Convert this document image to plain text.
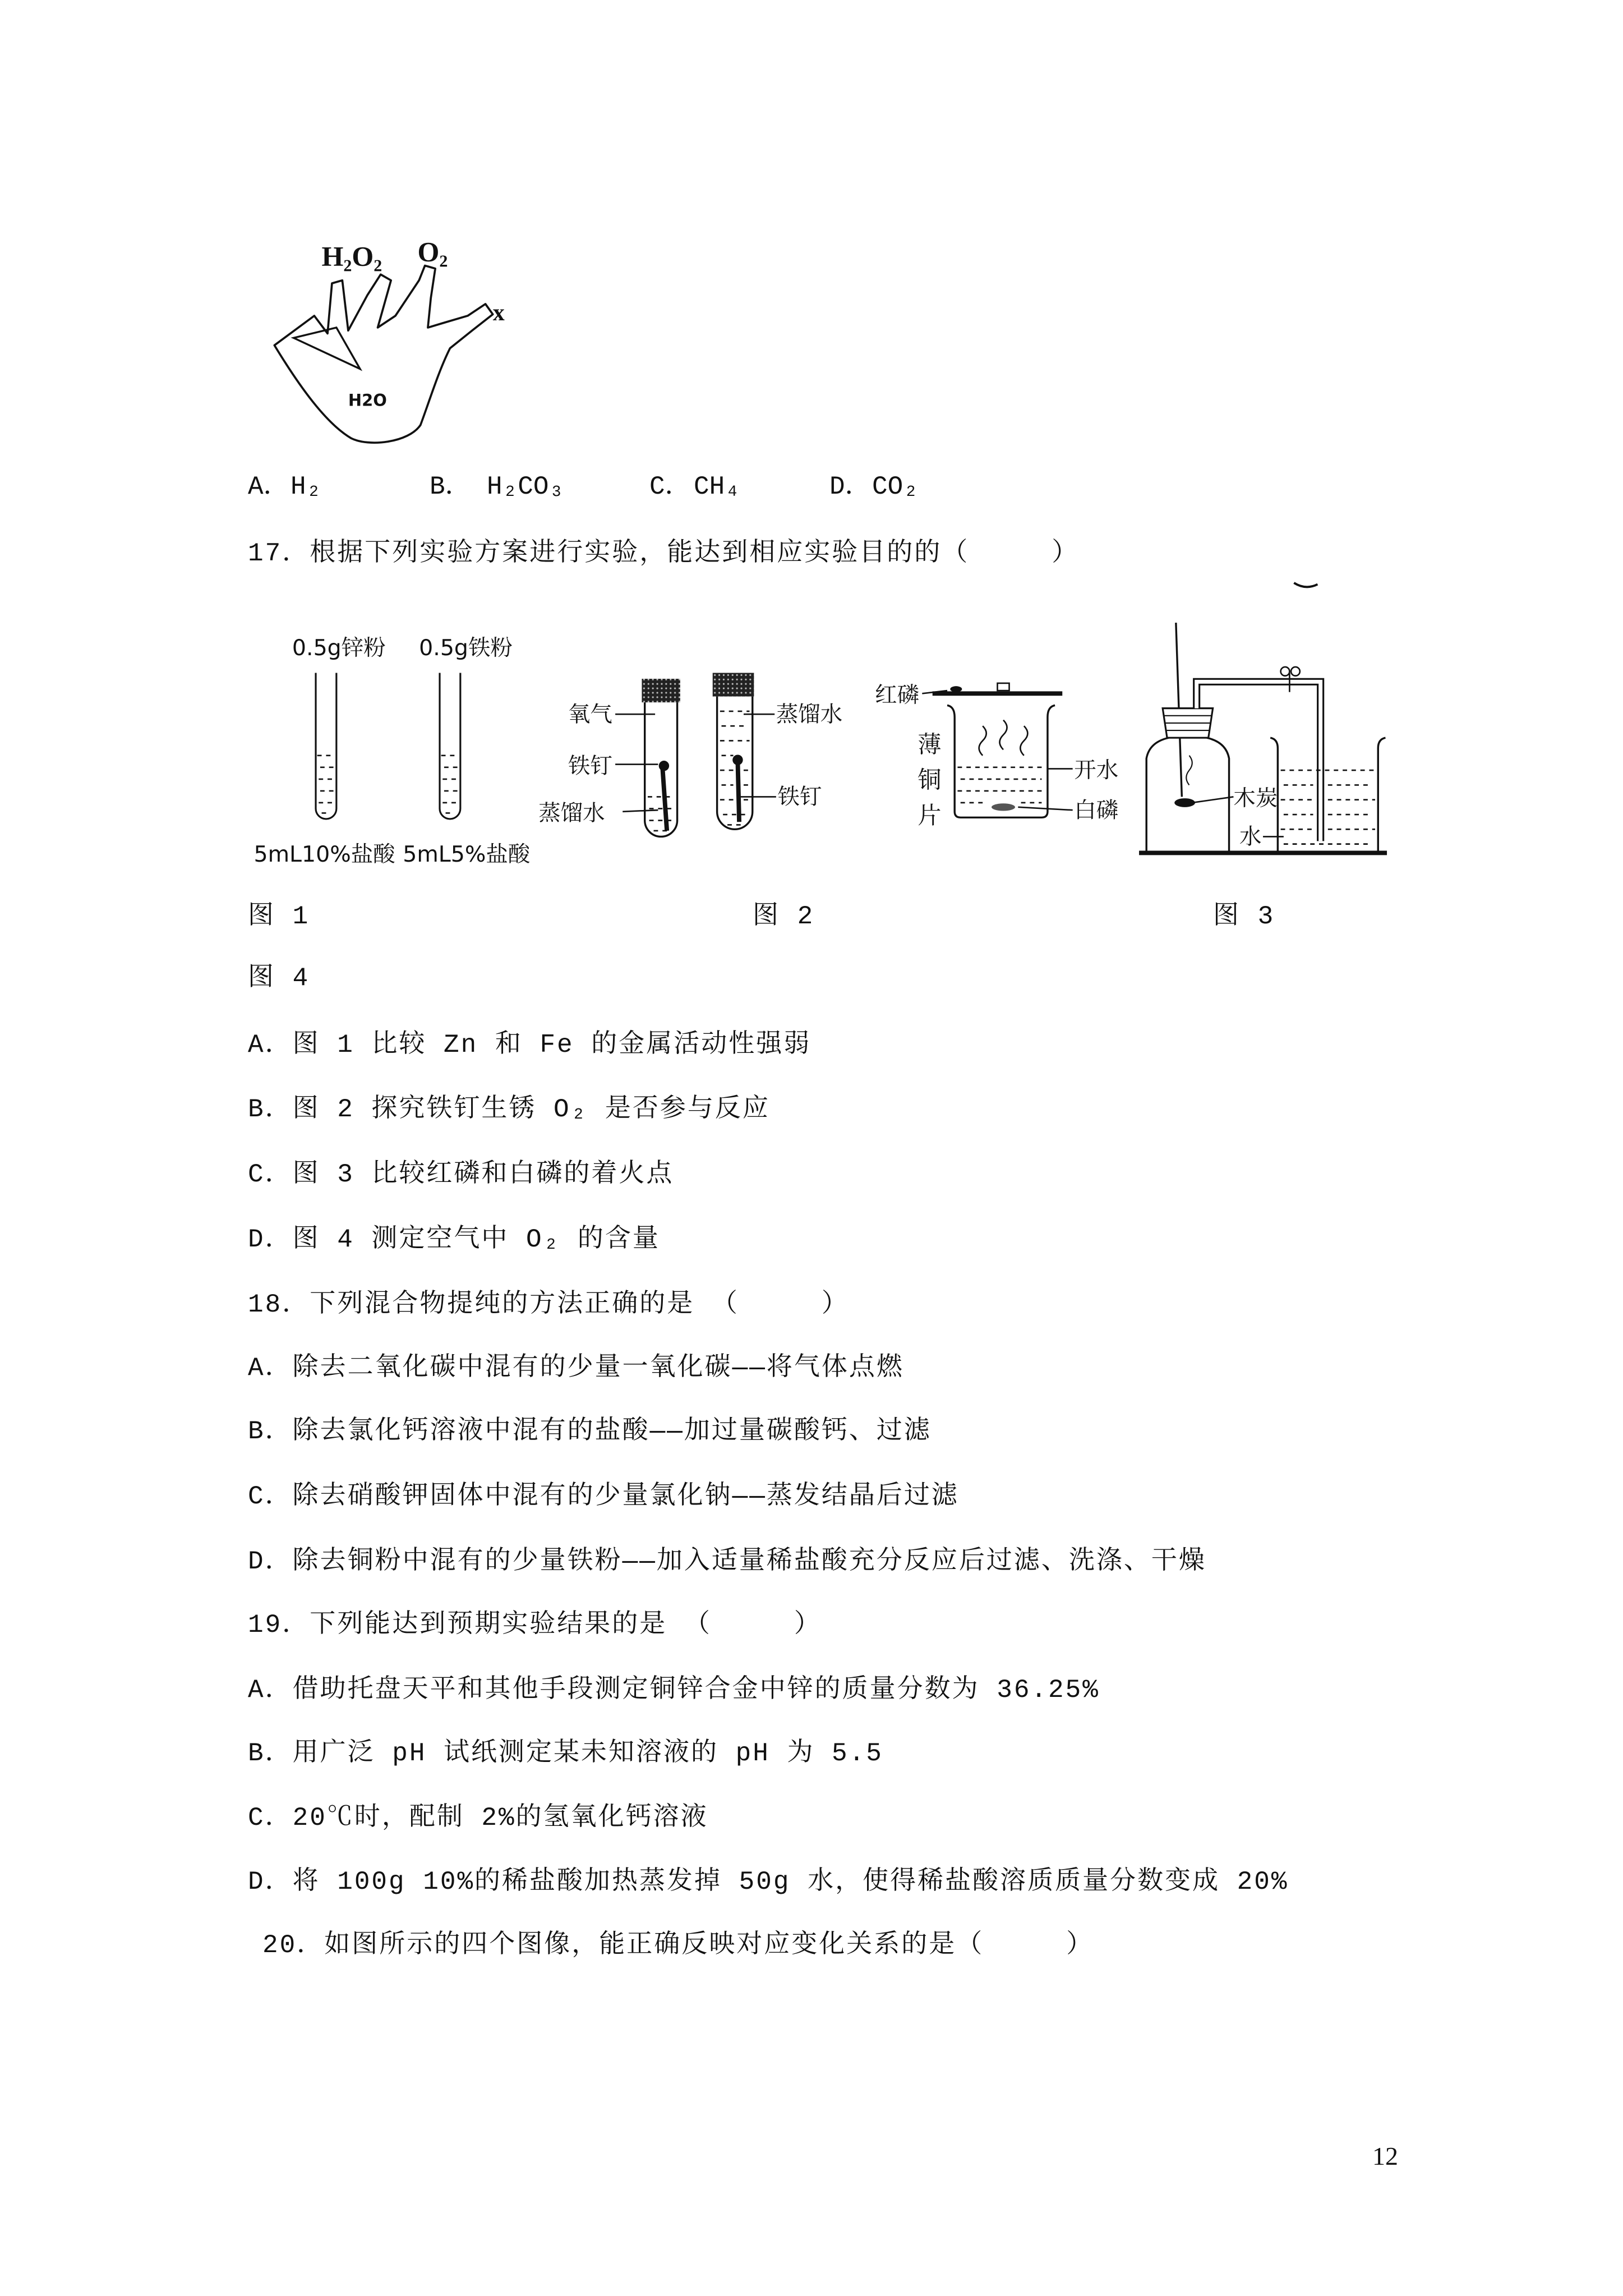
H₂O₂	O₂
x
H2O
0.5g锌粉	0.5g铁粉
5mL10%盐酸 5mL5%盐酸
氧气
铁钉
蒸馏水
蒸馏水
铁钉
红磷
薄
铜
片
开水
白磷	木炭
水
A． H₂	B． H₂CO₃	C． CH₄	D． CO₂
17．根据下列实验方案进行实验，能达到相应实验目的的（　　　）
图 1	图 2	图 3
图 4
A．图 1 比较 Zn 和 Fe 的金属活动性强弱
B．图 2 探究铁钉生锈 O₂ 是否参与反应
C．图 3 比较红磷和白磷的着火点
D．图 4 测定空气中 O₂ 的含量
18．下列混合物提纯的方法正确的是 （　　　）
A．除去二氧化碳中混有的少量一氧化碳——将气体点燃
B．除去氯化钙溶液中混有的盐酸——加过量碳酸钙、过滤
C．除去硝酸钾固体中混有的少量氯化钠——蒸发结晶后过滤
D．除去铜粉中混有的少量铁粉——加入适量稀盐酸充分反应后过滤、洗涤、干燥
19．下列能达到预期实验结果的是 （　　　）
A．借助托盘天平和其他手段测定铜锌合金中锌的质量分数为 36.25%
B．用广泛 pH 试纸测定某未知溶液的 pH 为 5.5
C．20℃时，配制 2%的氢氧化钙溶液
D．将 100g 10%的稀盐酸加热蒸发掉 50g 水，使得稀盐酸溶质质量分数变成 20%
20．如图所示的四个图像，能正确反映对应变化关系的是（　　　）
12
